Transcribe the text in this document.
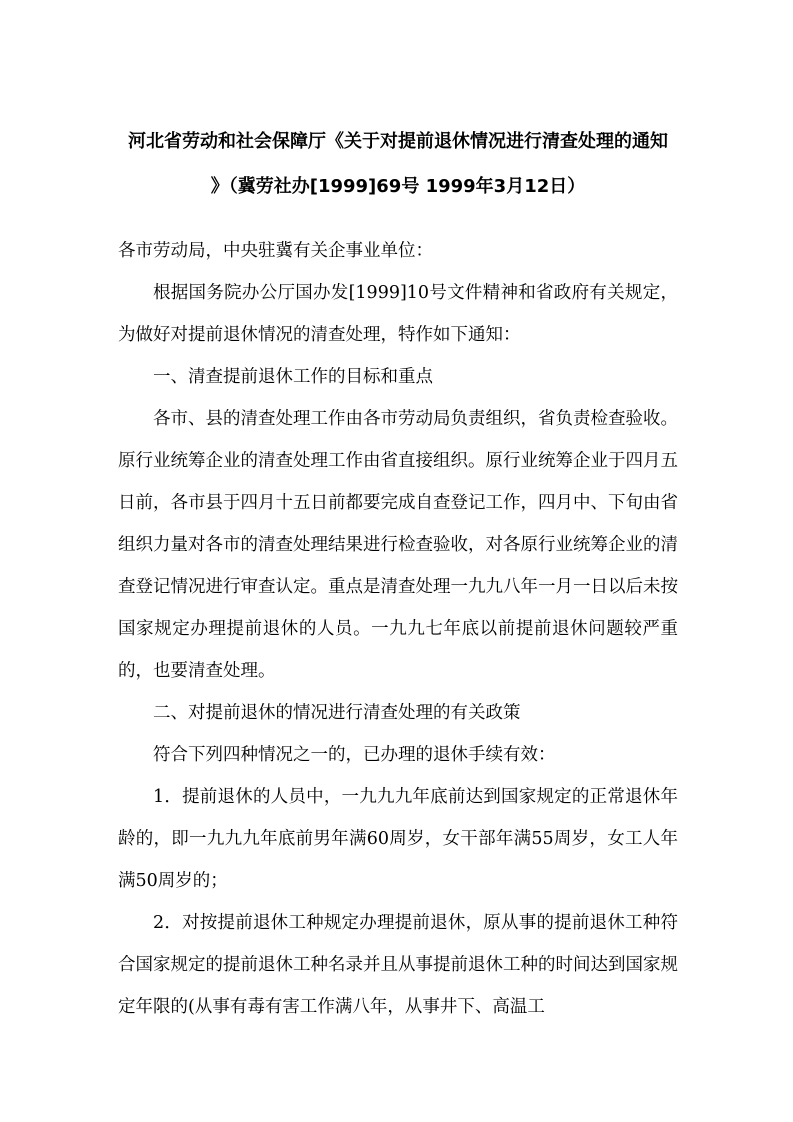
河北省劳动和社会保障厅《关于对提前退休情况进行清查处理的通知
》（冀劳社办[1999]69号 1999年3月12日）

各市劳动局，中央驻冀有关企事业单位：

根据国务院办公厅国办发[1999]10号文件精神和省政府有关规定，为做好对提前退休情况的清查处理，特作如下通知：

一、清查提前退休工作的目标和重点

各市、县的清查处理工作由各市劳动局负责组织，省负责检查验收。原行业统筹企业的清查处理工作由省直接组织。原行业统筹企业于四月五日前，各市县于四月十五日前都要完成自查登记工作，四月中、下旬由省组织力量对各市的清查处理结果进行检查验收，对各原行业统筹企业的清查登记情况进行审查认定。重点是清查处理一九九八年一月一日以后未按国家规定办理提前退休的人员。一九九七年底以前提前退休问题较严重的，也要清查处理。

二、对提前退休的情况进行清查处理的有关政策

符合下列四种情况之一的，已办理的退休手续有效：

1．提前退休的人员中，一九九九年底前达到国家规定的正常退休年龄的，即一九九九年底前男年满60周岁，女干部年满55周岁，女工人年满50周岁的；

2．对按提前退休工种规定办理提前退休，原从事的提前退休工种符合国家规定的提前退休工种名录并且从事提前退休工种的时间达到国家规定年限的(从事有毒有害工作满八年，从事井下、高温工
